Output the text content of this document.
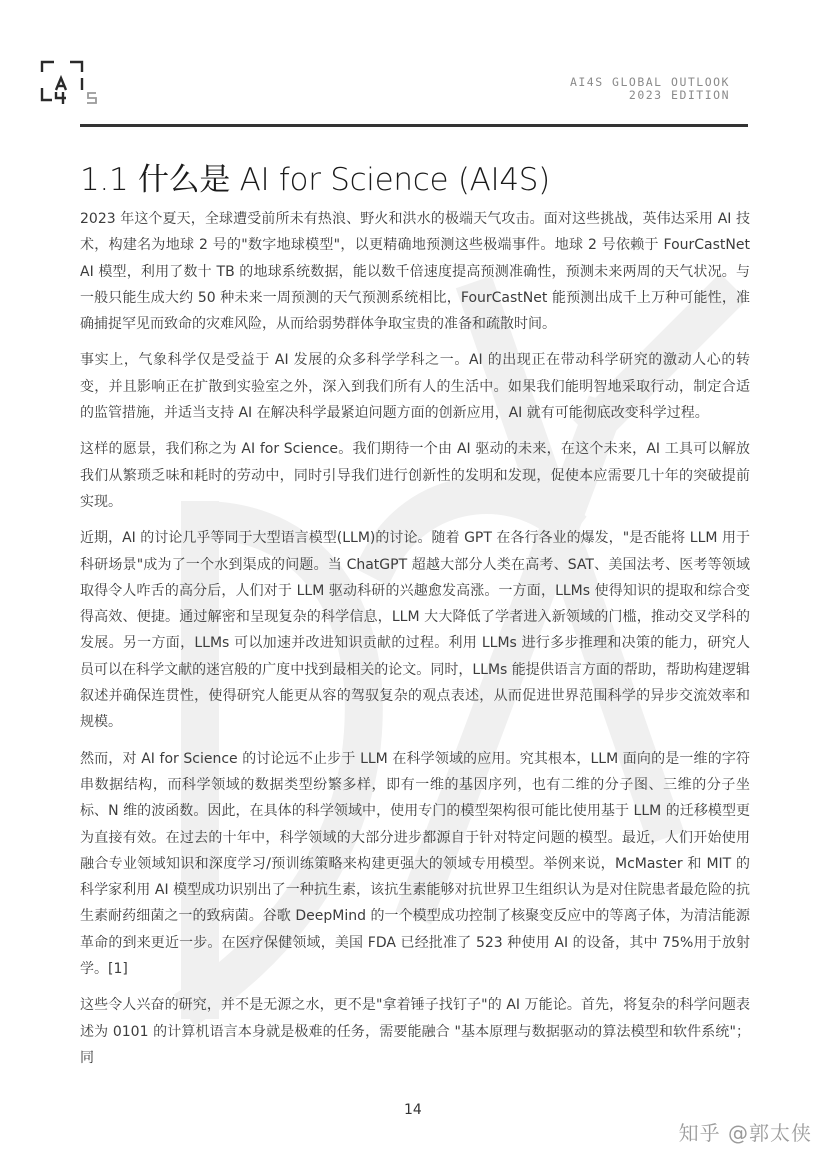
AI4S GLOBAL OUTLOOK
2023 EDITION
1.1 什么是 AI for Science (AI4S)

2023 年这个夏天，全球遭受前所未有热浪、野火和洪水的极端天气攻击。面对这些挑战，英伟达采用 AI 技术，构建名为地球 2 号的"数字地球模型"，以更精确地预测这些极端事件。地球 2 号依赖于 FourCastNet AI 模型，利用了数十 TB 的地球系统数据，能以数千倍速度提高预测准确性，预测未来两周的天气状况。与一般只能生成大约 50 种未来一周预测的天气预测系统相比，FourCastNet 能预测出成千上万种可能性，准确捕捉罕见而致命的灾难风险，从而给弱势群体争取宝贵的准备和疏散时间。

事实上，气象科学仅是受益于 AI 发展的众多科学学科之一。AI 的出现正在带动科学研究的激动人心的转变，并且影响正在扩散到实验室之外，深入到我们所有人的生活中。如果我们能明智地采取行动，制定合适的监管措施，并适当支持 AI 在解决科学最紧迫问题方面的创新应用，AI 就有可能彻底改变科学过程。

这样的愿景，我们称之为 AI for Science。我们期待一个由 AI 驱动的未来，在这个未来，AI 工具可以解放我们从繁琐乏味和耗时的劳动中，同时引导我们进行创新性的发明和发现，促使本应需要几十年的突破提前实现。

近期，AI 的讨论几乎等同于大型语言模型(LLM)的讨论。随着 GPT 在各行各业的爆发，"是否能将 LLM 用于科研场景"成为了一个水到渠成的问题。当 ChatGPT 超越大部分人类在高考、SAT、美国法考、医考等领域取得令人咋舌的高分后，人们对于 LLM 驱动科研的兴趣愈发高涨。一方面，LLMs 使得知识的提取和综合变得高效、便捷。通过解密和呈现复杂的科学信息，LLM 大大降低了学者进入新领域的门槛，推动交叉学科的发展。另一方面，LLMs 可以加速并改进知识贡献的过程。利用 LLMs 进行多步推理和决策的能力，研究人员可以在科学文献的迷宫般的广度中找到最相关的论文。同时，LLMs 能提供语言方面的帮助，帮助构建逻辑叙述并确保连贯性，使得研究人能更从容的驾驭复杂的观点表述，从而促进世界范围科学的异步交流效率和规模。

然而，对 AI for Science 的讨论远不止步于 LLM 在科学领域的应用。究其根本，LLM 面向的是一维的字符串数据结构，而科学领域的数据类型纷繁多样，即有一维的基因序列，也有二维的分子图、三维的分子坐标、N 维的波函数。因此，在具体的科学领域中，使用专门的模型架构很可能比使用基于 LLM 的迁移模型更为直接有效。在过去的十年中，科学领域的大部分进步都源自于针对特定问题的模型。最近，人们开始使用融合专业领域知识和深度学习/预训练策略来构建更强大的领域专用模型。举例来说，McMaster 和 MIT 的科学家利用 AI 模型成功识别出了一种抗生素，该抗生素能够对抗世界卫生组织认为是对住院患者最危险的抗生素耐药细菌之一的致病菌。谷歌 DeepMind 的一个模型成功控制了核聚变反应中的等离子体，为清洁能源革命的到来更近一步。在医疗保健领域，美国 FDA 已经批准了 523 种使用 AI 的设备，其中 75%用于放射学。[1]

这些令人兴奋的研究，并不是无源之水，更不是"拿着锤子找钉子"的 AI 万能论。首先，将复杂的科学问题表述为 0101 的计算机语言本身就是极难的任务，需要能融合 "基本原理与数据驱动的算法模型和软件系统"；同

14
知乎 @郭太侠
